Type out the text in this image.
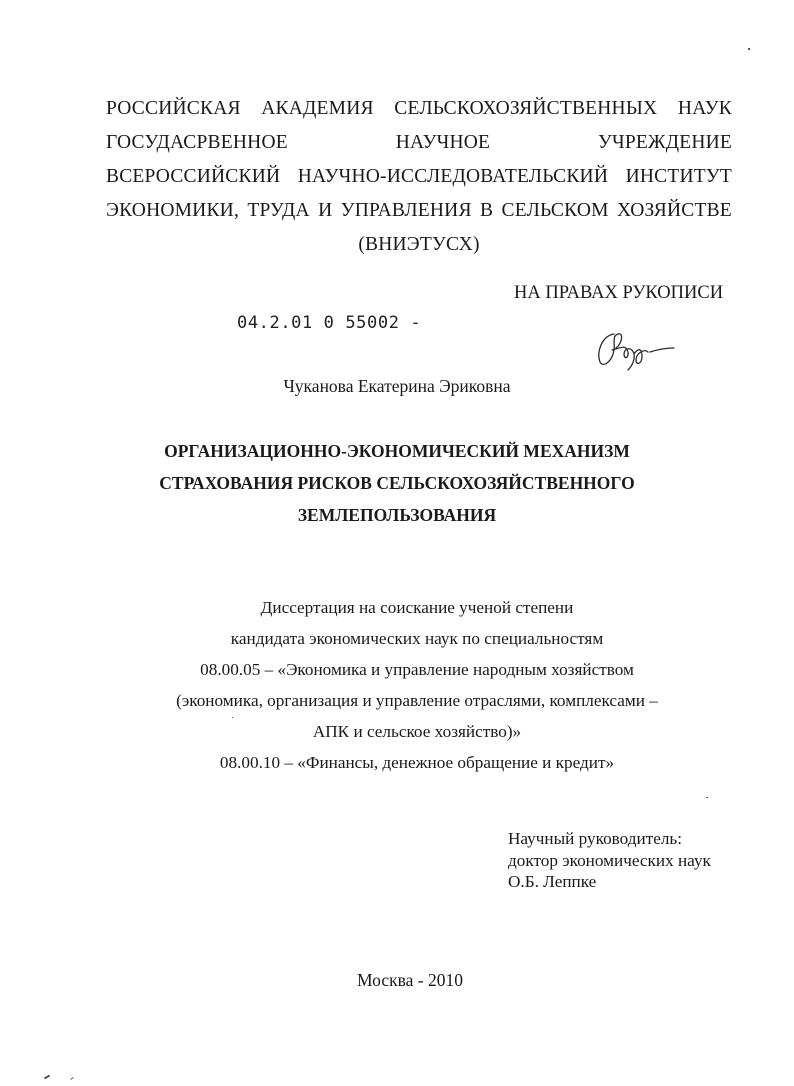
РОССИЙСКАЯ АКАДЕМИЯ СЕЛЬСКОХОЗЯЙСТВЕННЫХ НАУК
ГОСУДАСРВЕННОЕ	НАУЧНОЕ	УЧРЕЖДЕНИЕ
ВСЕРОССИЙСКИЙ НАУЧНО-ИССЛЕДОВАТЕЛЬСКИЙ ИНСТИТУТ
ЭКОНОМИКИ, ТРУДА И УПРАВЛЕНИЯ В СЕЛЬСКОМ ХОЗЯЙСТВЕ
(ВНИЭТУСХ)
НА ПРАВАХ РУКОПИСИ
04.2.01 0 55002 -
Чуканова Екатерина Эриковна
ОРГАНИЗАЦИОННО-ЭКОНОМИЧЕСКИЙ МЕХАНИЗМ
СТРАХОВАНИЯ РИСКОВ СЕЛЬСКОХОЗЯЙСТВЕННОГО
ЗЕМЛЕПОЛЬЗОВАНИЯ
Диссертация на соискание ученой степени
кандидата экономических наук по специальностям
08.00.05 – «Экономика и управление народным хозяйством
(экономика, организация и управление отраслями, комплексами –
АПК и сельское хозяйство)»
08.00.10 – «Финансы, денежное обращение и кредит»
Научный руководитель:
доктор экономических наук
О.Б. Леппке
Москва - 2010
